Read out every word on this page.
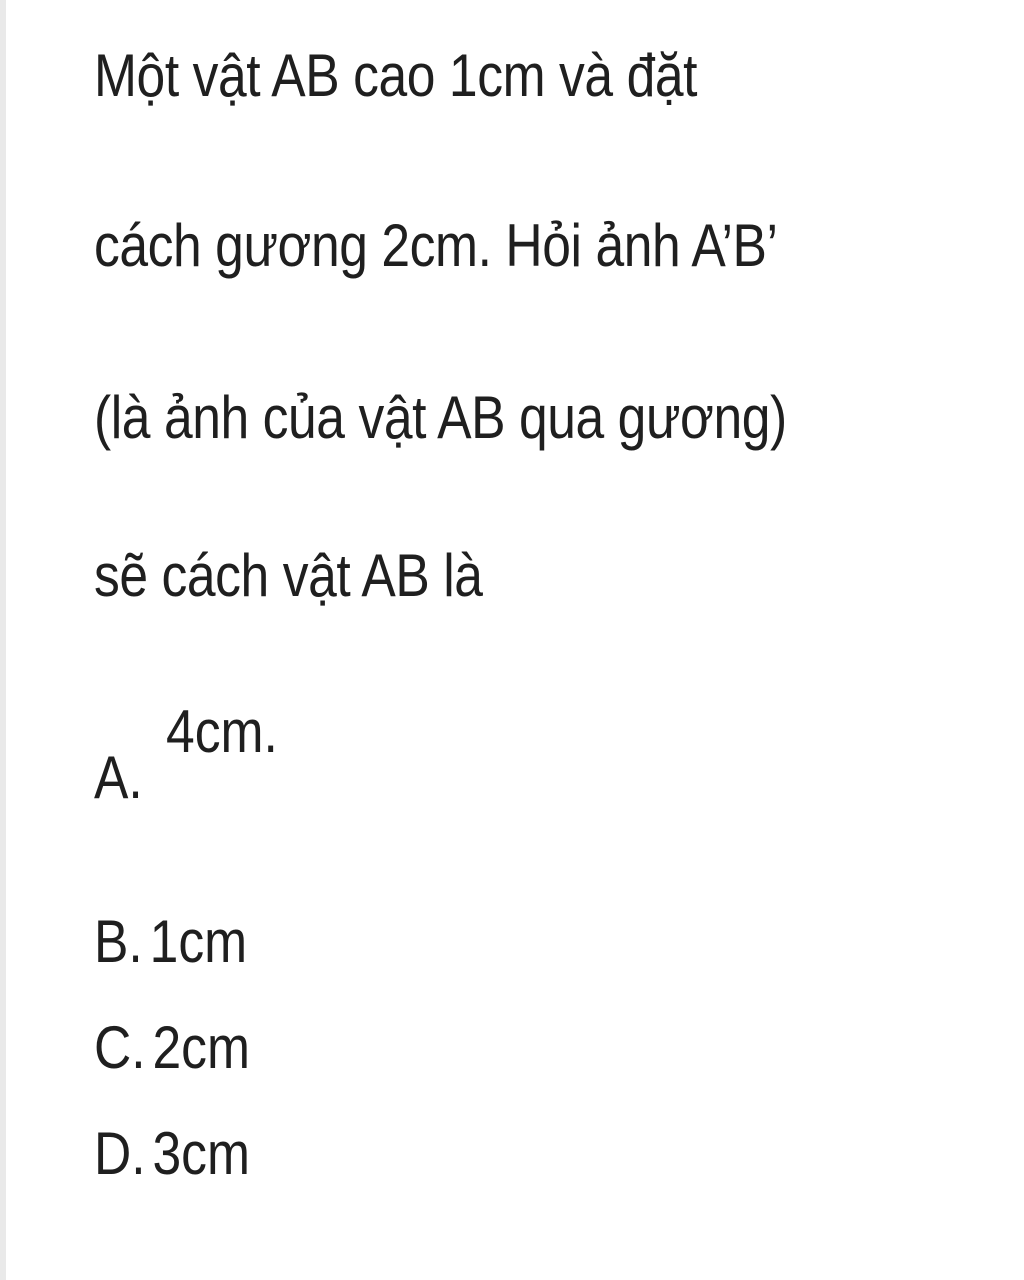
Một vật AB cao 1cm và đặt
cách gương 2cm. Hỏi ảnh A’B’
(là ảnh của vật AB qua gương)
sẽ cách vật AB là
A.
4cm.
B. 1cm
C. 2cm
D. 3cm
